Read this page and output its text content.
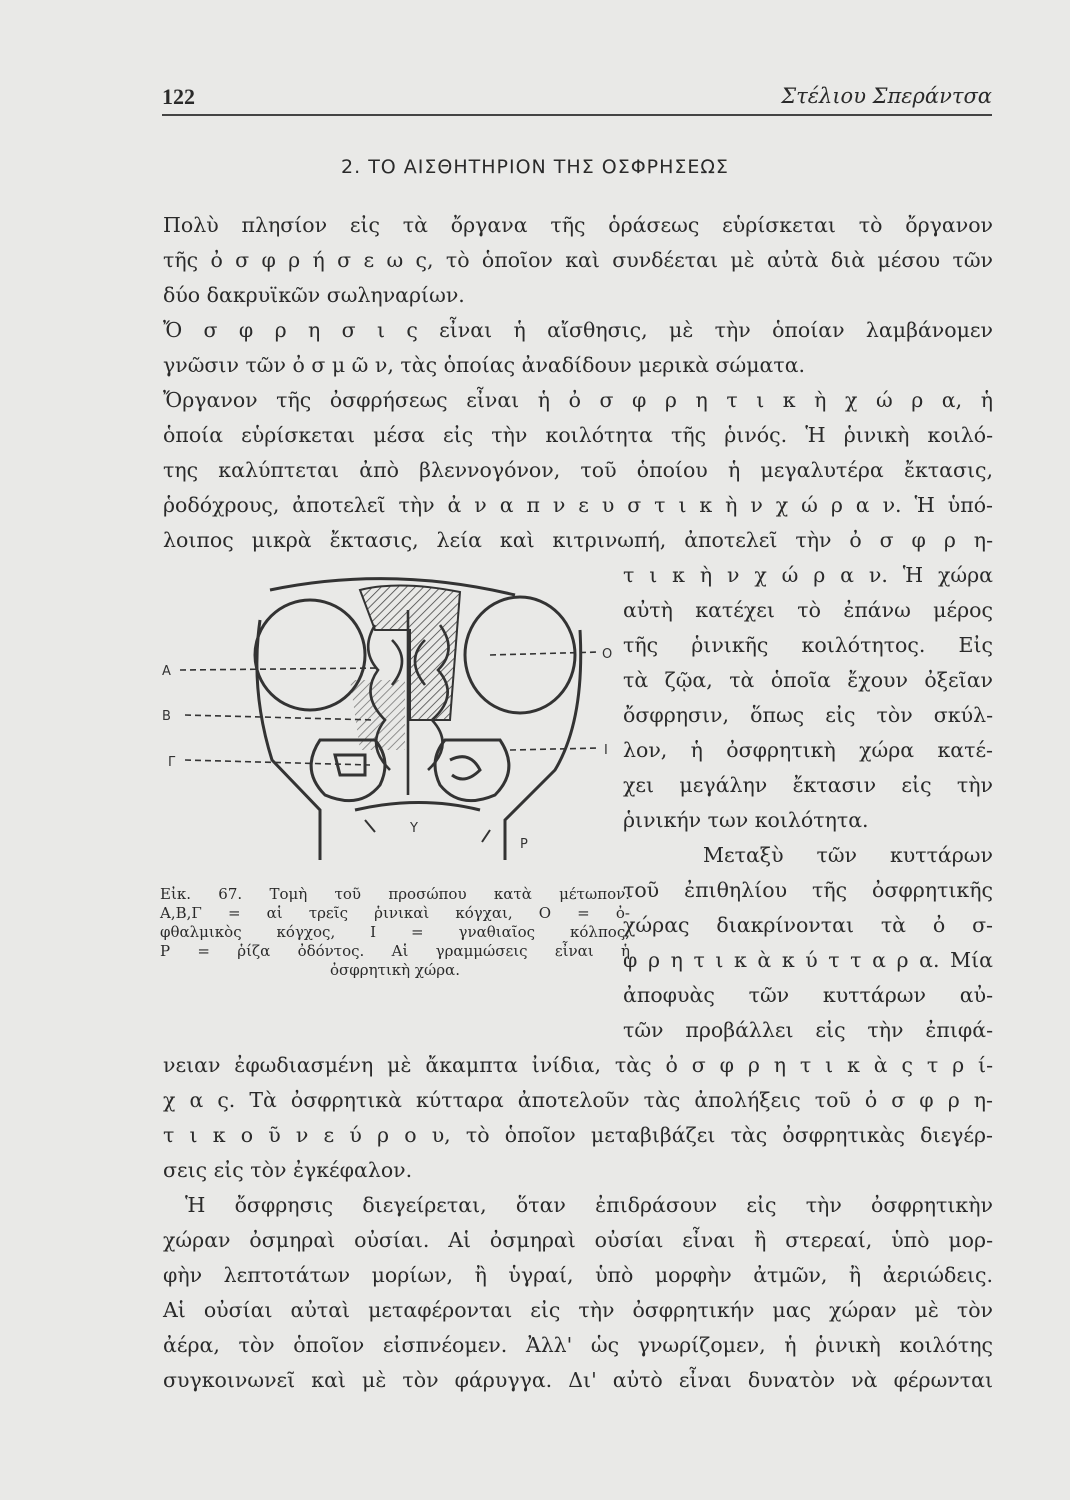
122	Στέλιου Σπεράντσα
2. ΤΟ ΑΙΣΘΗΤΗΡΙΟΝ ΤΗΣ ΟΣΦΡΗΣΕΩΣ
Πολὺ πλησίον εἰς τὰ ὄργανα τῆς ὁράσεως εὑρίσκεται τὸ ὄργανον
τῆς ὀ σ φ ρ ή σ ε ω ς, τὸ ὁποῖον καὶ συνδέεται μὲ αὐτὰ διὰ μέσου τῶν
δύο δακρυϊκῶν σωληναρίων.
Ὄ σ φ ρ η σ ι ς εἶναι ἡ αἴσθησις, μὲ τὴν ὁποίαν λαμβάνομεν
γνῶσιν τῶν ὀ σ μ ῶ ν, τὰς ὁποίας ἀναδίδουν μερικὰ σώματα.
Ὄργανον τῆς ὀσφρήσεως εἶναι ἡ ὀ σ φ ρ η τ ι κ ὴ χ ώ ρ α, ἡ
ὁποία εὑρίσκεται μέσα εἰς τὴν κοιλότητα τῆς ῥινός. Ἡ ῥινικὴ κοιλό-
της καλύπτεται ἀπὸ βλεννογόνον, τοῦ ὁποίου ἡ μεγαλυτέρα ἔκτασις,
ῥοδόχρους, ἀποτελεῖ τὴν ἀ ν α π ν ε υ σ τ ι κ ὴ ν χ ώ ρ α ν. Ἡ ὑπό-
λοιπος μικρὰ ἔκτασις, λεία καὶ κιτρινωπή, ἀποτελεῖ τὴν ὀ σ φ ρ η-
τ ι κ ὴ ν χ ώ ρ α ν. Ἡ χώρα
αὐτὴ κατέχει τὸ ἐπάνω μέρος
τῆς ῥινικῆς κοιλότητος. Εἰς
τὰ ζῷα, τὰ ὁποῖα ἔχουν ὀξεῖαν
ὄσφρησιν, ὅπως εἰς τὸν σκύλ-
λον, ἡ ὀσφρητικὴ χώρα κατέ-
χει μεγάλην ἔκτασιν εἰς τὴν
ῥινικήν των κοιλότητα.
Μεταξὺ τῶν κυττάρων
τοῦ ἐπιθηλίου τῆς ὀσφρητικῆς
χώρας διακρίνονται τὰ ὀ σ-
φ ρ η τ ι κ ὰ κ ύ τ τ α ρ α. Μία
ἀποφυὰς τῶν κυττάρων αὐ-
τῶν προβάλλει εἰς τὴν ἐπιφά-
A
B
Γ
O
I
Y
P
Εἰκ. 67. Τομὴ τοῦ προσώπου κατὰ μέτωπον.
Α,Β,Γ = αἱ τρεῖς ῥινικαὶ κόγχαι, Ο = ὀ-
φθαλμικὸς κόγχος, Ι = γναθιαῖος κόλπος,
Ρ = ῥίζα ὀδόντος. Αἱ γραμμώσεις εἶναι ἡ
ὀσφρητικὴ χώρα.
νειαν ἐφωδιασμένη μὲ ἄκαμπτα ἰνίδια, τὰς ὀ σ φ ρ η τ ι κ ὰ ς τ ρ ί-
χ α ς. Τὰ ὀσφρητικὰ κύτταρα ἀποτελοῦν τὰς ἀπολήξεις τοῦ ὀ σ φ ρ η-
τ ι κ ο ῦ ν ε ύ ρ ο υ, τὸ ὁποῖον μεταβιβάζει τὰς ὀσφρητικὰς διεγέρ-
σεις εἰς τὸν ἐγκέφαλον.
Ἡ ὄσφρησις διεγείρεται, ὅταν ἐπιδράσουν εἰς τὴν ὀσφρητικὴν
χώραν ὀσμηραὶ οὐσίαι. Αἱ ὀσμηραὶ οὐσίαι εἶναι ἢ στερεαί, ὑπὸ μορ-
φὴν λεπτοτάτων μορίων, ἢ ὑγραί, ὑπὸ μορφὴν ἀτμῶν, ἢ ἀεριώδεις.
Αἱ οὐσίαι αὐταὶ μεταφέρονται εἰς τὴν ὀσφρητικήν μας χώραν μὲ τὸν
ἀέρα, τὸν ὁποῖον εἰσπνέομεν. Ἀλλ' ὡς γνωρίζομεν, ἡ ῥινικὴ κοιλότης
συγκοινωνεῖ καὶ μὲ τὸν φάρυγγα. Δι' αὐτὸ εἶναι δυνατὸν νὰ φέρωνται
